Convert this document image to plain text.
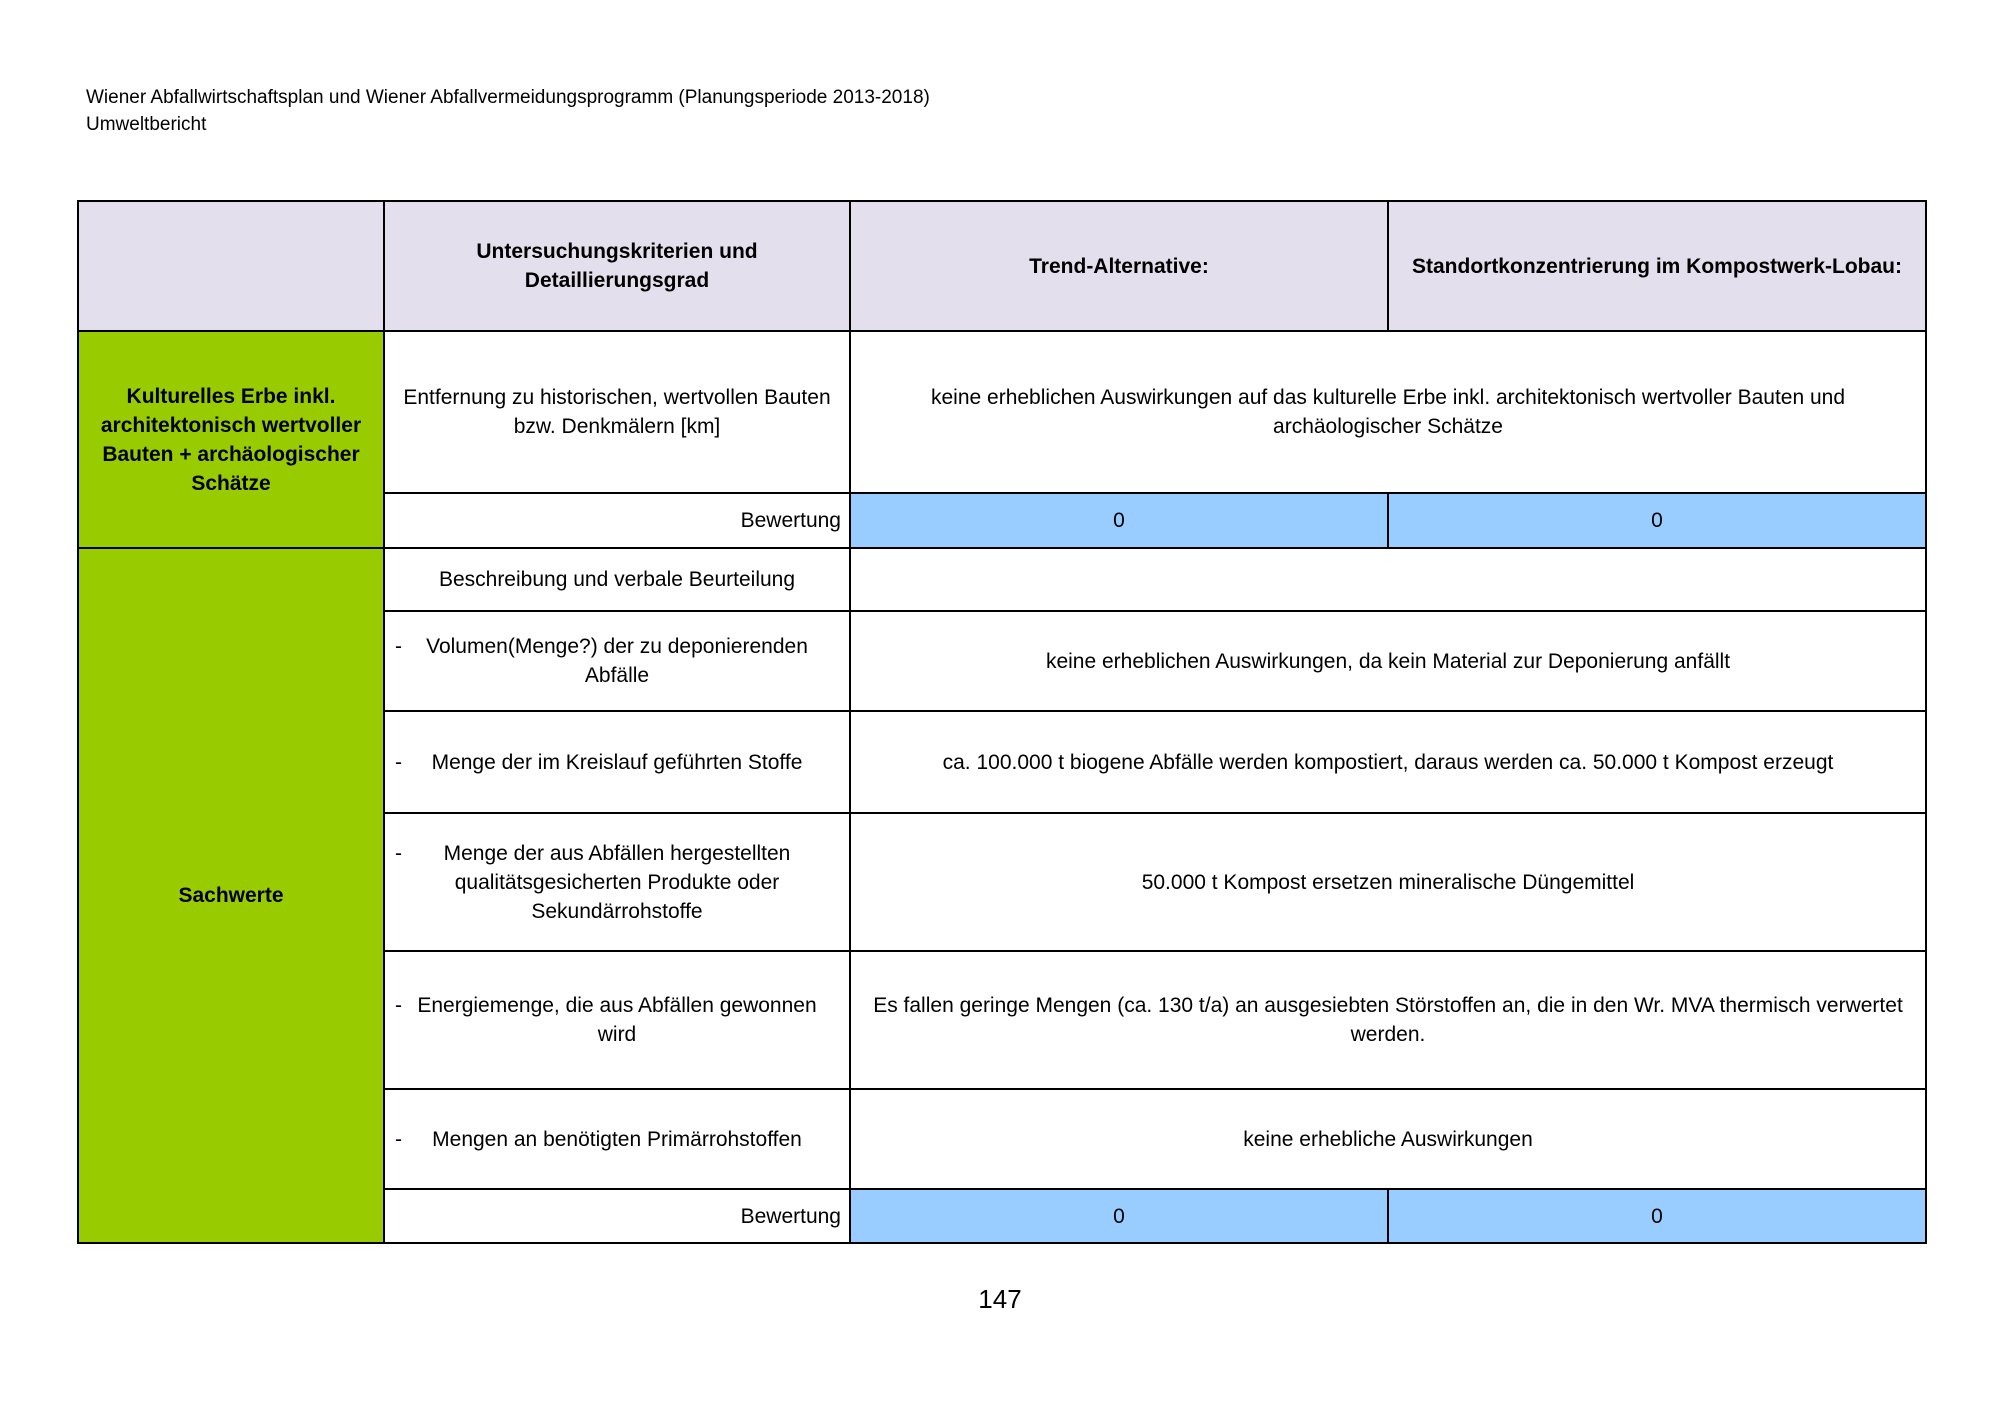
Wiener Abfallwirtschaftsplan und Wiener Abfallvermeidungsprogramm (Planungsperiode 2013-2018)
Umweltbericht
	Untersuchungskriterien und Detaillierungsgrad	Trend-Alternative:	Standortkonzentrierung im Kompostwerk-Lobau:
Kulturelles Erbe inkl. architektonisch wertvoller Bauten + archäologischer Schätze	Entfernung zu historischen, wertvollen Bauten bzw. Denkmälern [km]	keine erheblichen Auswirkungen auf das kulturelle Erbe inkl. architektonisch wertvoller Bauten und archäologischer Schätze	
	Bewertung	0	0
Sachwerte	Beschreibung und verbale Beurteilung		

	- Volumen(Menge?) der zu deponierenden Abfälle	keine erheblichen Auswirkungen, da kein Material zur Deponierung anfällt	

	- Menge der im Kreislauf geführten Stoffe	ca. 100.000 t biogene Abfälle werden kompostiert, daraus werden ca. 50.000 t Kompost erzeugt	

	- Menge der aus Abfällen hergestellten qualitätsgesicherten Produkte oder Sekundärrohstoffe	50.000 t Kompost ersetzen mineralische Düngemittel	

	- Energiemenge, die aus Abfällen gewonnen wird	Es fallen geringe Mengen (ca. 130 t/a) an ausgesiebten Störstoffen an, die in den Wr. MVA thermisch verwertet werden.	

	- Mengen an benötigten Primärrohstoffen	keine erhebliche Auswirkungen	
	Bewertung	0	0
147
